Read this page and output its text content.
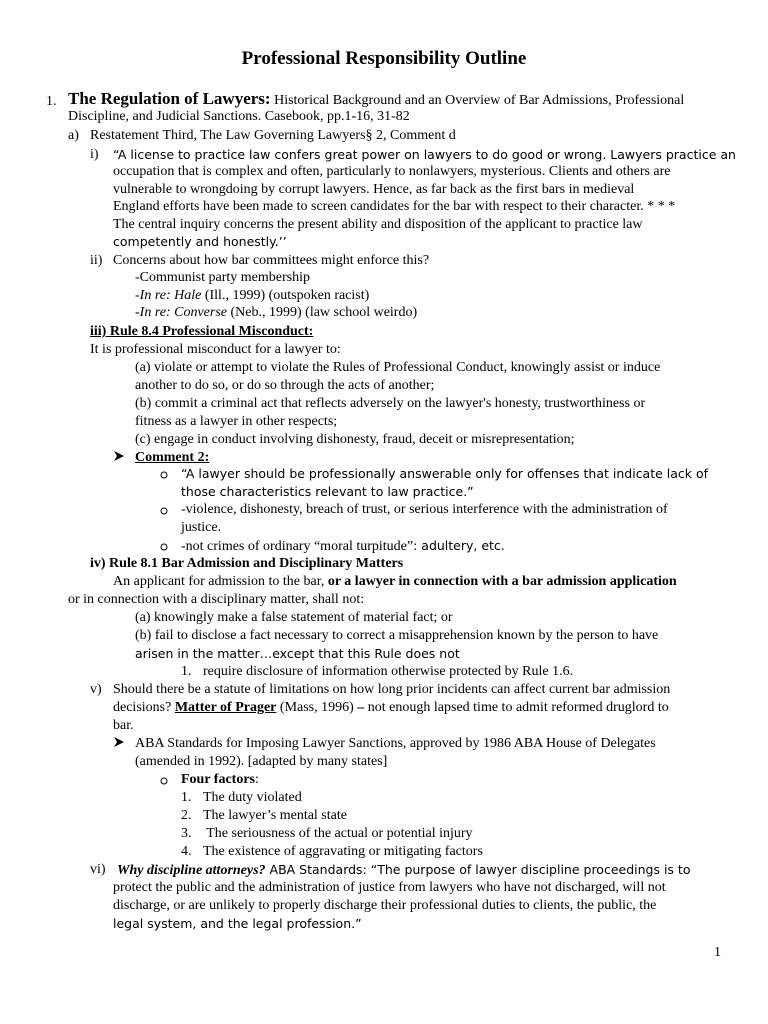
Professional Responsibility Outline
1. The Regulation of Lawyers: Historical Background and an Overview of Bar Admissions, Professional
Discipline, and Judicial Sanctions. Casebook, pp.1-16, 31-82
a) Restatement Third, The Law Governing Lawyers§ 2, Comment d
i) “A license to practice law confers great power on lawyers to do good or wrong. Lawyers practice an
occupation that is complex and often, particularly to nonlawyers, mysterious. Clients and others are
vulnerable to wrongdoing by corrupt lawyers. Hence, as far back as the first bars in medieval
England efforts have been made to screen candidates for the bar with respect to their character. * * *
The central inquiry concerns the present ability and disposition of the applicant to practice law
competently and honestly.’’
ii) Concerns about how bar committees might enforce this?
-Communist party membership
-In re: Hale (Ill., 1999) (outspoken racist)
-In re: Converse (Neb., 1999) (law school weirdo)
iii) Rule 8.4 Professional Misconduct:
It is professional misconduct for a lawyer to:
(a) violate or attempt to violate the Rules of Professional Conduct, knowingly assist or induce
another to do so, or do so through the acts of another;
(b) commit a criminal act that reflects adversely on the lawyer's honesty, trustworthiness or
fitness as a lawyer in other respects;
(c) engage in conduct involving dishonesty, fraud, deceit or misrepresentation;
Comment 2:
“A lawyer should be professionally answerable only for offenses that indicate lack of
those characteristics relevant to law practice.”
-violence, dishonesty, breach of trust, or serious interference with the administration of
justice.
-not crimes of ordinary “moral turpitude”: adultery, etc.
iv) Rule 8.1 Bar Admission and Disciplinary Matters
An applicant for admission to the bar, or a lawyer in connection with a bar admission application
or in connection with a disciplinary matter, shall not:
(a) knowingly make a false statement of material fact; or
(b) fail to disclose a fact necessary to correct a misapprehension known by the person to have
arisen in the matter…except that this Rule does not
1. require disclosure of information otherwise protected by Rule 1.6.
v) Should there be a statute of limitations on how long prior incidents can affect current bar admission
decisions? Matter of Prager (Mass, 1996) – not enough lapsed time to admit reformed druglord to
bar.
ABA Standards for Imposing Lawyer Sanctions, approved by 1986 ABA House of Delegates
(amended in 1992). [adapted by many states]
Four factors:
1. The duty violated
2. The lawyer’s mental state
3. The seriousness of the actual or potential injury
4. The existence of aggravating or mitigating factors
vi) Why discipline attorneys? ABA Standards: “The purpose of lawyer discipline proceedings is to
protect the public and the administration of justice from lawyers who have not discharged, will not
discharge, or are unlikely to properly discharge their professional duties to clients, the public, the
legal system, and the legal profession.”
1
